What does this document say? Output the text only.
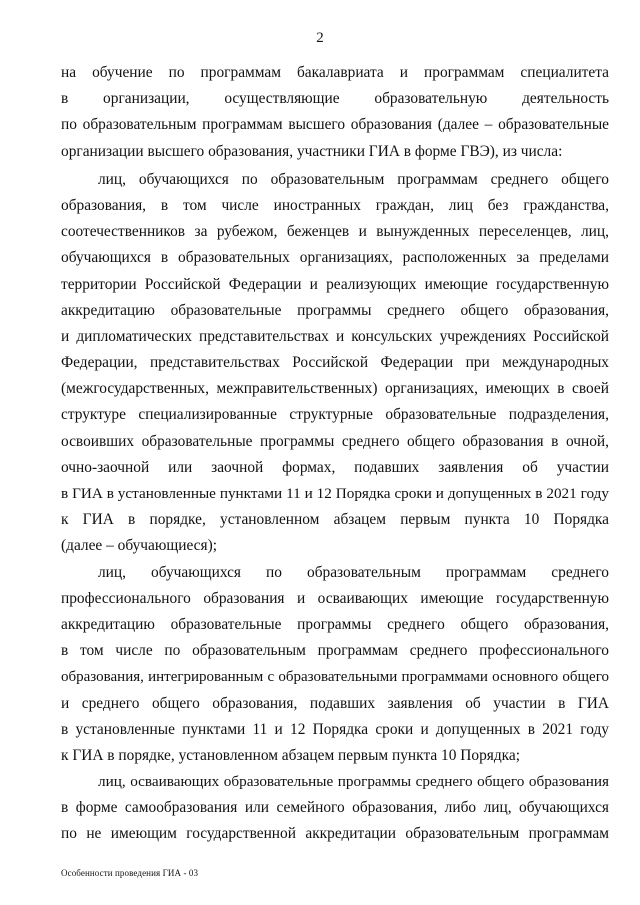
2
на обучение по программам бакалавриата и программам специалитета
в организации, осуществляющие образовательную деятельность
по образовательным программам высшего образования (далее – образовательные
организации высшего образования, участники ГИА в форме ГВЭ), из числа:
лиц, обучающихся по образовательным программам среднего общего
образования, в том числе иностранных граждан, лиц без гражданства,
соотечественников за рубежом, беженцев и вынужденных переселенцев, лиц,
обучающихся в образовательных организациях, расположенных за пределами
территории Российской Федерации и реализующих имеющие государственную
аккредитацию образовательные программы среднего общего образования,
и дипломатических представительствах и консульских учреждениях Российской
Федерации, представительствах Российской Федерации при международных
(межгосударственных, межправительственных) организациях, имеющих в своей
структуре специализированные структурные образовательные подразделения,
освоивших образовательные программы среднего общего образования в очной,
очно-заочной или заочной формах, подавших заявления об участии
в ГИА в установленные пунктами 11 и 12 Порядка сроки и допущенных в 2021 году
к ГИА в порядке, установленном абзацем первым пункта 10 Порядка
(далее – обучающиеся);
лиц, обучающихся по образовательным программам среднего
профессионального образования и осваивающих имеющие государственную
аккредитацию образовательные программы среднего общего образования,
в том числе по образовательным программам среднего профессионального
образования, интегрированным с образовательными программами основного общего
и среднего общего образования, подавших заявления об участии в ГИА
в установленные пунктами 11 и 12 Порядка сроки и допущенных в 2021 году
к ГИА в порядке, установленном абзацем первым пункта 10 Порядка;
лиц, осваивающих образовательные программы среднего общего образования
в форме самообразования или семейного образования, либо лиц, обучающихся
по не имеющим государственной аккредитации образовательным программам
Особенности проведения ГИА - 03
